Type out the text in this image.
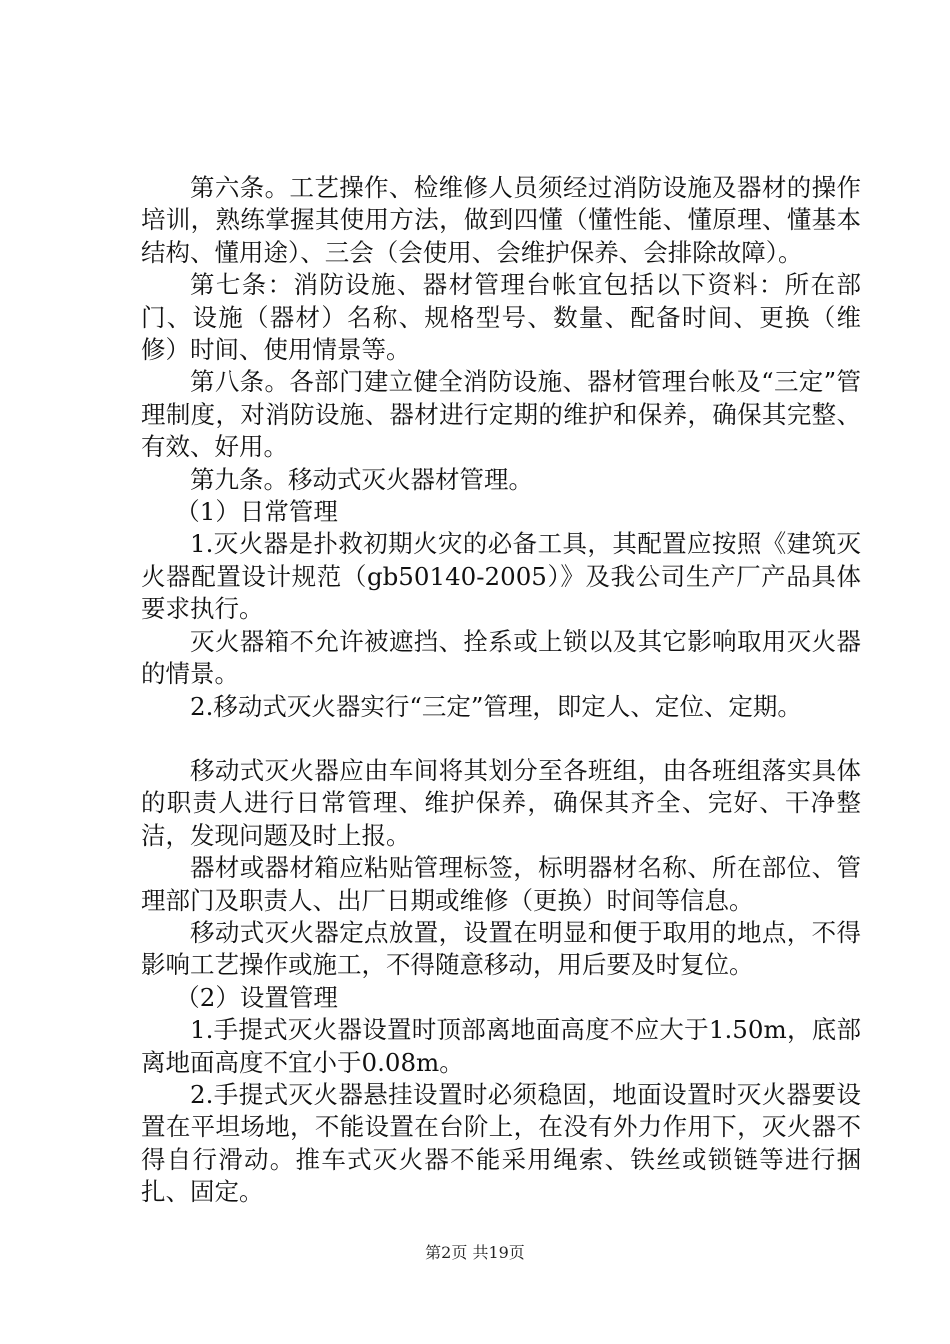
第六条。工艺操作、检维修人员须经过消防设施及器材的操作培训，熟练掌握其使用方法，做到四懂（懂性能、懂原理、懂基本结构、懂用途）、三会（会使用、会维护保养、会排除故障）。

第七条：消防设施、器材管理台帐宜包括以下资料：所在部门、设施（器材）名称、规格型号、数量、配备时间、更换（维修）时间、使用情景等。

第八条。各部门建立健全消防设施、器材管理台帐及“三定”管理制度，对消防设施、器材进行定期的维护和保养，确保其完整、有效、好用。

第九条。移动式灭火器材管理。

（1）日常管理

1.灭火器是扑救初期火灾的必备工具，其配置应按照《建筑灭火器配置设计规范（gb50140-2005）》及我公司生产厂产品具体要求执行。

灭火器箱不允许被遮挡、拴系或上锁以及其它影响取用灭火器的情景。

2.移动式灭火器实行“三定”管理，即定人、定位、定期。

移动式灭火器应由车间将其划分至各班组，由各班组落实具体的职责人进行日常管理、维护保养，确保其齐全、完好、干净整洁，发现问题及时上报。

器材或器材箱应粘贴管理标签，标明器材名称、所在部位、管理部门及职责人、出厂日期或维修（更换）时间等信息。

移动式灭火器定点放置，设置在明显和便于取用的地点，不得影响工艺操作或施工，不得随意移动，用后要及时复位。

（2）设置管理

1.手提式灭火器设置时顶部离地面高度不应大于1.50m，底部离地面高度不宜小于0.08m。

2.手提式灭火器悬挂设置时必须稳固，地面设置时灭火器要设置在平坦场地，不能设置在台阶上，在没有外力作用下，灭火器不得自行滑动。推车式灭火器不能采用绳索、铁丝或锁链等进行捆扎、固定。

第2页 共19页
